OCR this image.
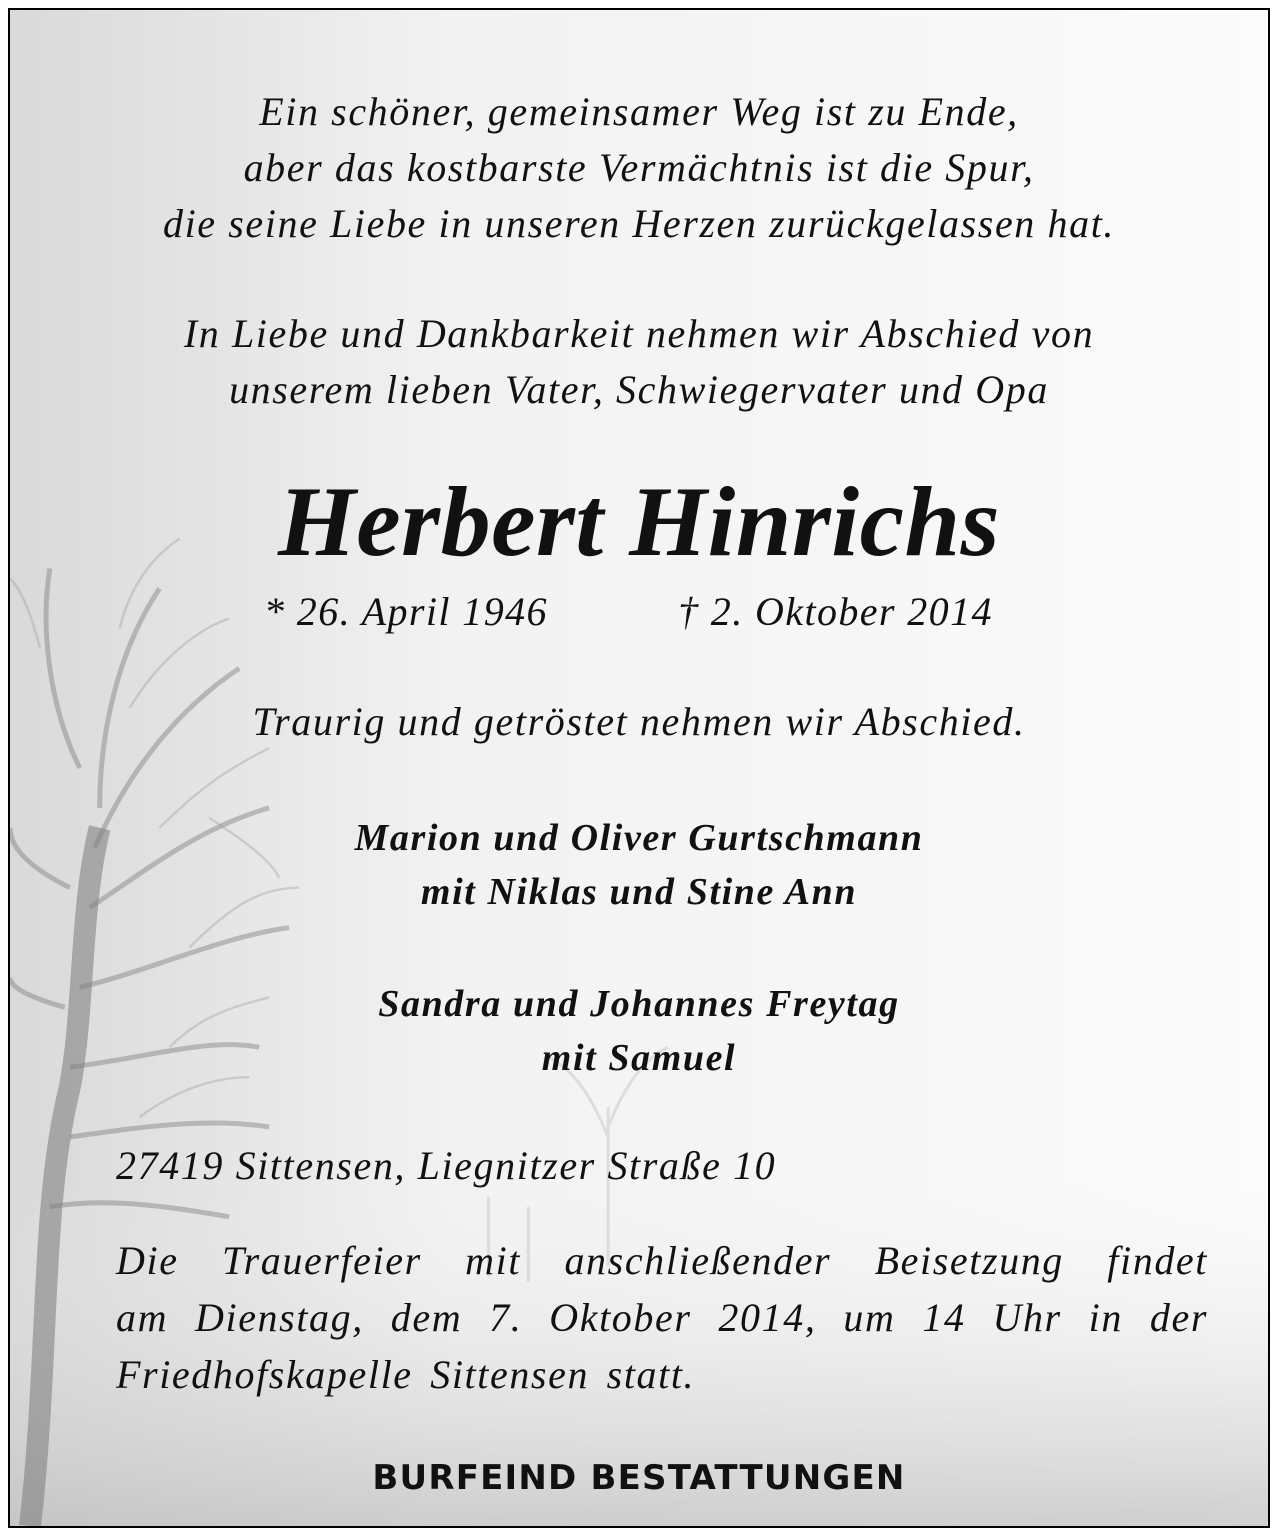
Ein schöner, gemeinsamer Weg ist zu Ende,
aber das kostbarste Vermächtnis ist die Spur,
die seine Liebe in unseren Herzen zurückgelassen hat.
In Liebe und Dankbarkeit nehmen wir Abschied von
unserem lieben Vater, Schwiegervater und Opa
Herbert Hinrichs
* 26. April 1946	† 2. Oktober 2014
Traurig und getröstet nehmen wir Abschied.
Marion und Oliver Gurtschmann
mit Niklas und Stine Ann
Sandra und Johannes Freytag
mit Samuel
27419 Sittensen, Liegnitzer Straße 10
Die Trauerfeier mit anschließender Beisetzung findet
am Dienstag, dem 7. Oktober 2014, um 14 Uhr in der
Friedhofskapelle Sittensen statt.
BURFEIND BESTATTUNGEN
